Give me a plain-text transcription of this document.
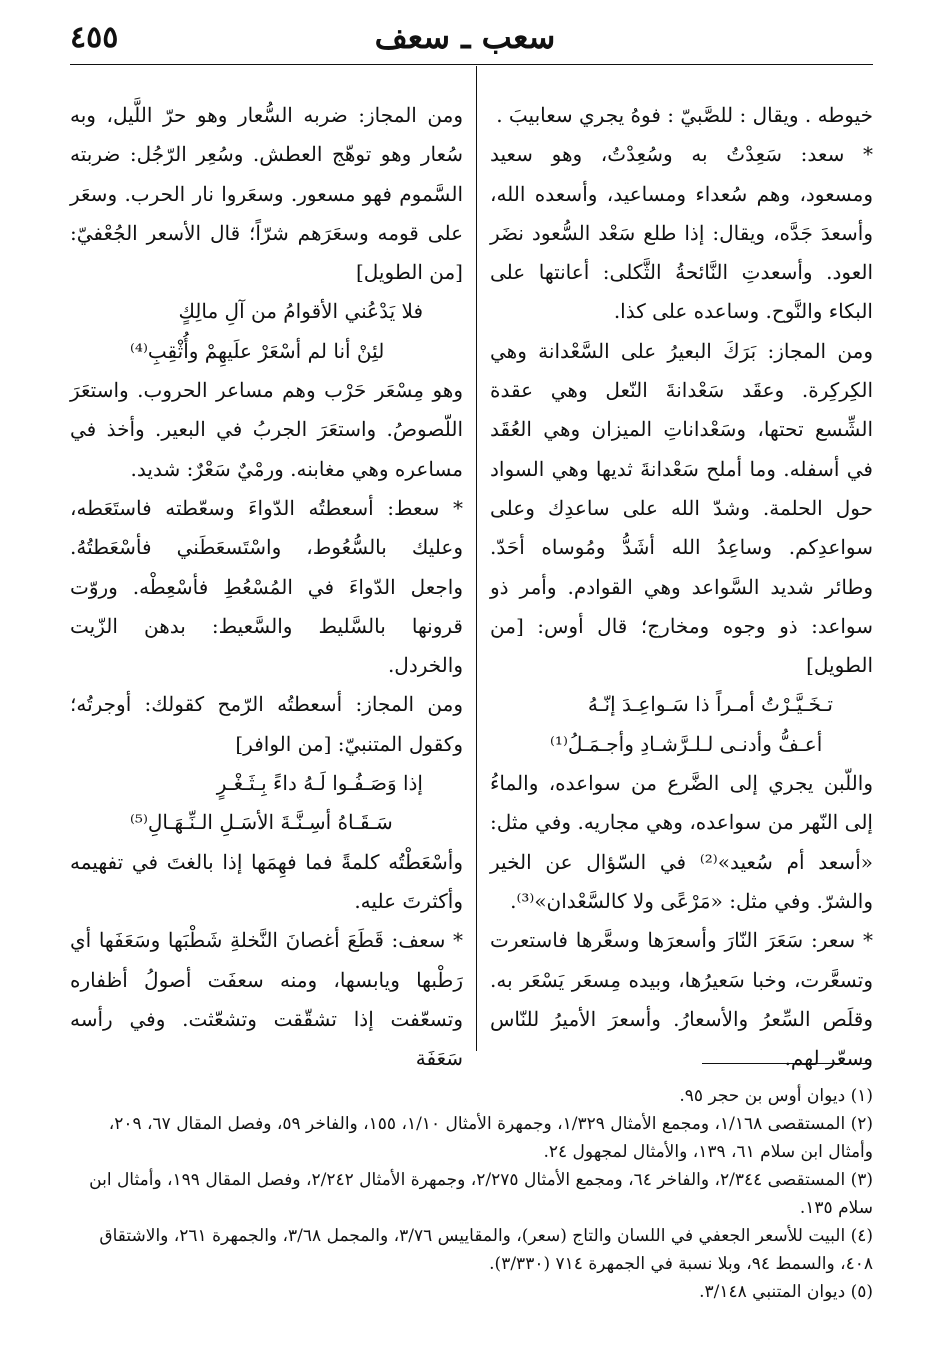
٤٥٥	سعب ـ سعف

خيوطه . ويقال : للصَّبيّ : فوهُ يجري سعابيبَ .

* سعد: سَعِدْتُ به وسُعِدْتُ، وهو سعيد ومسعود، وهم سُعداء ومساعيد، وأسعده الله، وأسعدَ جَدَّه، ويقال: إذا طلع سَعْد السُّعود نضَر العود. وأسعدتِ النَّائحةُ الثَّكلى: أعانتها على البكاء والنَّوح. وساعده على كذا.

ومن المجاز: بَرَكَ البعيرُ على السَّعْدانة وهي الكِركِرة. وعقَد سَعْدانةَ النّعل وهي عقدة الشِّسع تحتها، وسَعْداناتِ الميزان وهي العُقَد في أسفله. وما أملح سَعْدانةَ ثديها وهي السواد حول الحلمة. وشدّ الله على ساعدِك وعلى سواعدِكم. وساعِدُ الله أشَدُّ ومُوساه أحَدّ. وطائر شديد السَّواعد وهي القوادم. وأمر ذو سواعد: ذو وجوه ومخارج؛ قال أوس: [من الطويل]

تـخَـيَّـرْتُ أمـراً ذا سَـواعِـدَ إنّـهُ

أعـفُّ وأدنـى لـلـرَّشـادِ وأجـمَـلُ⁽¹⁾

واللّبن يجري إلى الضَّرع من سواعده، والماءُ إلى النّهر من سواعده، وهي مجاريه. وفي مثل: «أسعد أم سُعيد»⁽²⁾ في السّؤال عن الخير والشرّ. وفي مثل: «مَرْعًى ولا كالسَّعْدان»⁽³⁾.

* سعر: سَعَرَ النّارَ وأسعرَها وسعَّرها فاستعرت وتسعَّرت، وخبا سَعيرُها، وبيده مِسعَر يَسْعَر به. وقلَص السِّعرُ والأسعارُ. وأسعرَ الأميرُ للنّاس وسعّر لهم.

ومن المجاز: ضربه السُّعار وهو حرّ اللَّيل، وبه سُعار وهو توهّج العطش. وسُعِر الرّجُل: ضربته السَّموم فهو مسعور. وسعَروا نار الحرب. وسعَر على قومه وسعَرَهم شرّاً؛ قال الأسعر الجُعْفيّ: [من الطويل]

فلا يَدْعُني الأقوامُ من آلِ مالِكٍ

لئِنْ أنا لم أسْعَرْ علَيهِمْ وأُثْقِبِ⁽⁴⁾

وهو مِسْعَر حَرْب وهم مساعر الحروب. واستعَرَ اللّصوصُ. واستعَرَ الجربُ في البعير. وأخذ في مساعره وهي مغابنه. ورمْيٌ سَعْرٌ: شديد.

* سعط: أسعطتُه الدّواءَ وسعّطته فاستَعَطه، وعليك بالسُّعُوط، واسْتَسعَطَني فأسْعَطتُهُ. واجعل الدّواءَ في المُسْعُطِ فأسْعِطْه. وروّت قرونها بالسَّليط والسَّعيط: بدهن الزّيت والخردل.

ومن المجاز: أسعطتُه الرّمح كقولك: أوجرتُه؛ وكقول المتنبيّ: [من الوافر]

إذا وَصَـفُـوا لَـهُ داءً بِـثَـغْـرٍ

سَـقَـاهُ أسِـنَّـةَ الأسَـلِ الـنِّـهَـالِ⁽⁵⁾

وأسْعَطْتُه كلمةً فما فهِمَها إذا بالغتَ في تفهيمه وأكثرتَ عليه.

* سعف: قَطَعَ أغصانَ النَّخلةِ شَطْبَها وسَعَفَها أي رَطْبها ويابسها، ومنه سعفَت أصولُ أظفاره وتسعّفت إذا تشقّقت وتشعّثت. وفي رأسه سَعَفَة

(١) ديوان أوس بن حجر ٩٥.

(٢) المستقصى ١/١٦٨، ومجمع الأمثال ١/٣٢٩، وجمهرة الأمثال ١/١٠، ١٥٥، والفاخر ٥٩، وفصل المقال ٦٧، ٢٠٩، وأمثال ابن سلام ٦١، ١٣٩، والأمثال لمجهول ٢٤.

(٣) المستقصى ٢/٣٤٤، والفاخر ٦٤، ومجمع الأمثال ٢/٢٧٥، وجمهرة الأمثال ٢/٢٤٢، وفصل المقال ١٩٩، وأمثال ابن سلام ١٣٥.

(٤) البيت للأسعر الجعفي في اللسان والتاج (سعر)، والمقاييس ٣/٧٦، والمجمل ٣/٦٨، والجمهرة ٢٦١، والاشتقاق ٤٠٨، والسمط ٩٤، وبلا نسبة في الجمهرة ٧١٤ (٣/٣٣٠).

(٥) ديوان المتنبي ٣/١٤٨.
